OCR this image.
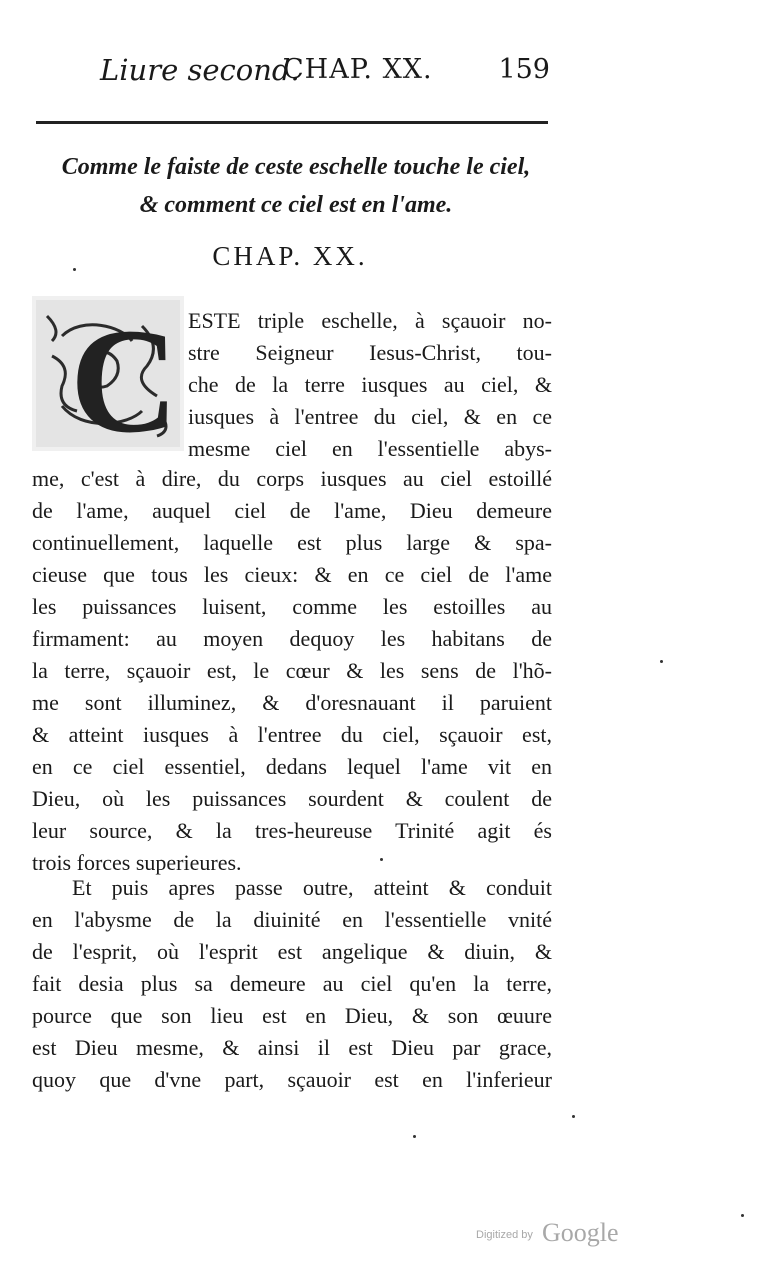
Liure second.
CHAP. XX. 159
Comme le faiste de ceste eschelle touche le ciel,
& comment ce ciel est en l'ame.
CHAP. XX.
C ESTE triple eschelle, à sçauoir no-
stre Seigneur Iesus-Christ, tou-
che de la terre iusques au ciel, &
iusques à l'entree du ciel, & en ce
mesme ciel en l'essentielle abys-
me, c'est à dire, du corps iusques au ciel estoillé
de l'ame, auquel ciel de l'ame, Dieu demeure
continuellement, laquelle est plus large & spa-
cieuse que tous les cieux: & en ce ciel de l'ame
les puissances luisent, comme les estoilles au
firmament: au moyen dequoy les habitans de
la terre, sçauoir est, le cœur & les sens de l'hõ-
me sont illuminez, & d'oresnauant il paruient
& atteint iusques à l'entree du ciel, sçauoir est,
en ce ciel essentiel, dedans lequel l'ame vit en
Dieu, où les puissances sourdent & coulent de
leur source, & la tres-heureuse Trinité agit és
trois forces superieures.
Et puis apres passe outre, atteint & conduit
en l'abysme de la diuinité en l'essentielle vnité
de l'esprit, où l'esprit est angelique & diuin, &
fait desia plus sa demeure au ciel qu'en la terre,
pource que son lieu est en Dieu, & son œuure
est Dieu mesme, & ainsi il est Dieu par grace,
quoy que d'vne part, sçauoir est en l'inferieur
Digitized by Google
